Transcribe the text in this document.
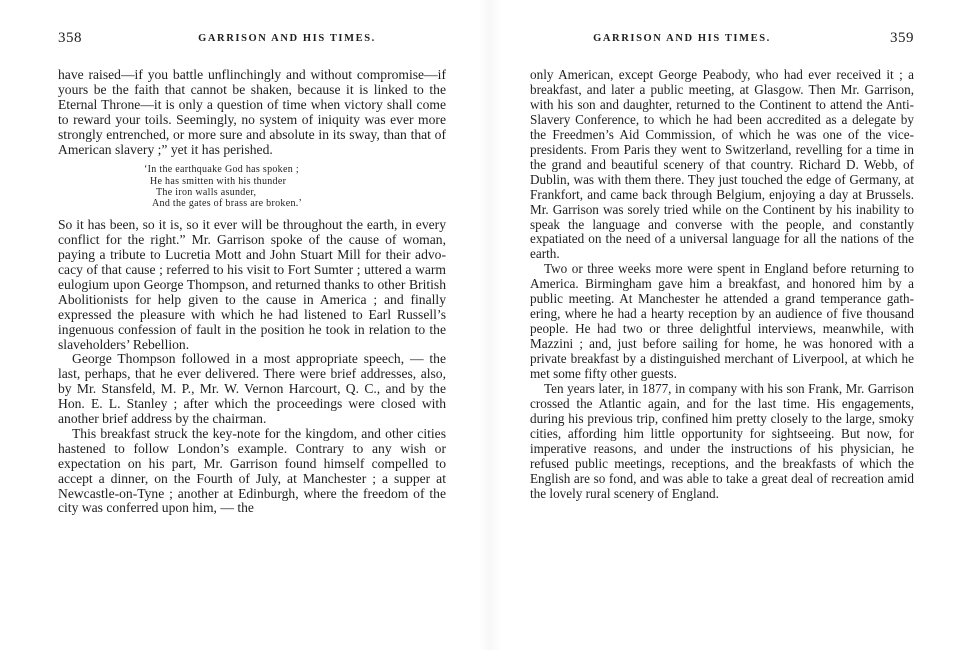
358	GARRISON AND HIS TIMES.

have raised—if you battle unflinchingly and without compromise—if yours be the faith that cannot be shaken, because it is linked to the Eternal Throne—it is only a question of time when victory shall come to reward your toils. Seemingly, no system of iniquity was ever more strongly entrenched, or more sure and absolute in its sway, than that of American slavery ;” yet it has perished.

‘In the earthquake God has spoken ;
He has smitten with his thunder
The iron walls asunder,
And the gates of brass are broken.’

So it has been, so it is, so it ever will be throughout the earth, in every conflict for the right.” Mr. Garrison spoke of the cause of woman, paying a tribute to Lucretia Mott and John Stuart Mill for their advocacy of that cause ; referred to his visit to Fort Sumter ; uttered a warm eulogium upon George Thompson, and returned thanks to other British Abolitionists for help given to the cause in America ; and finally expressed the pleasure with which he had listened to Earl Russell’s ingenuous confession of fault in the position he took in relation to the slaveholders’ Rebellion.

George Thompson followed in a most appropriate speech, — the last, perhaps, that he ever delivered. There were brief addresses, also, by Mr. Stansfeld, M. P., Mr. W. Vernon Harcourt, Q. C., and by the Hon. E. L. Stanley ; after which the proceedings were closed with another brief address by the chairman.

This breakfast struck the key-note for the kingdom, and other cities hastened to follow London’s example. Contrary to any wish or expectation on his part, Mr. Garrison found himself compelled to accept a dinner, on the Fourth of July, at Manchester ; a supper at Newcastle-on-Tyne ; another at Edinburgh, where the freedom of the city was conferred upon him, — the

GARRISON AND HIS TIMES.	359

only American, except George Peabody, who had ever received it ; a breakfast, and later a public meeting, at Glasgow. Then Mr. Garrison, with his son and daughter, returned to the Continent to attend the Anti-Slavery Conference, to which he had been accredited as a delegate by the Freedmen’s Aid Commission, of which he was one of the vice-presidents. From Paris they went to Switzerland, revelling for a time in the grand and beautiful scenery of that country. Richard D. Webb, of Dublin, was with them there. They just touched the edge of Germany, at Frankfort, and came back through Belgium, enjoying a day at Brussels. Mr. Garrison was sorely tried while on the Continent by his inability to speak the language and converse with the people, and constantly expatiated on the need of a universal language for all the nations of the earth.

Two or three weeks more were spent in England before returning to America. Birmingham gave him a breakfast, and honored him by a public meeting. At Manchester he attended a grand temperance gathering, where he had a hearty reception by an audience of five thousand people. He had two or three delightful interviews, meanwhile, with Mazzini ; and, just before sailing for home, he was honored with a private breakfast by a distinguished merchant of Liverpool, at which he met some fifty other guests.

Ten years later, in 1877, in company with his son Frank, Mr. Garrison crossed the Atlantic again, and for the last time. His engagements, during his previous trip, confined him pretty closely to the large, smoky cities, affording him little opportunity for sightseeing. But now, for imperative reasons, and under the instructions of his physician, he refused public meetings, receptions, and the breakfasts of which the English are so fond, and was able to take a great deal of recreation amid the lovely rural scenery of England.
